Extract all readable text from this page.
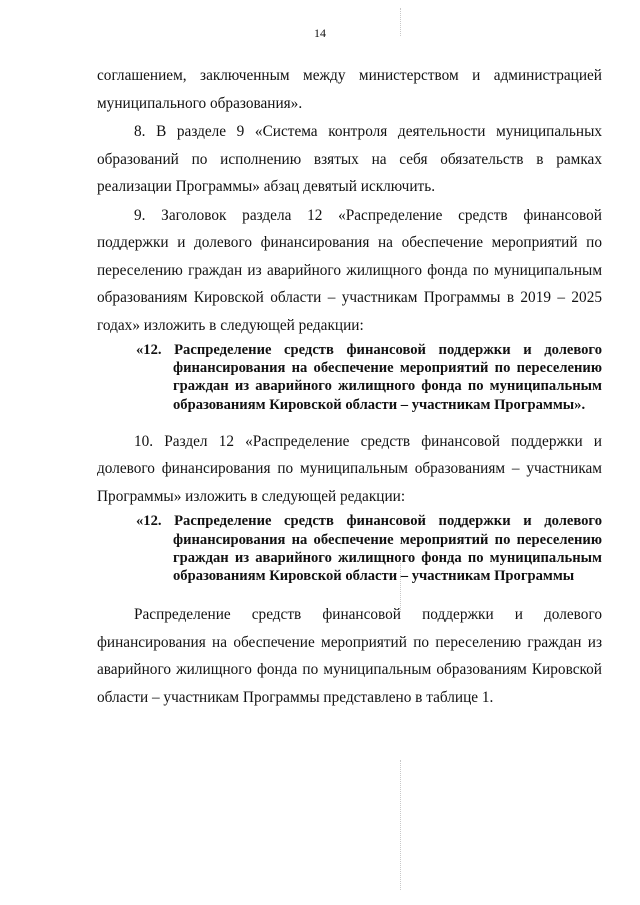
14

соглашением, заключенным между министерством и администрацией муниципального образования».

8. В разделе 9 «Система контроля деятельности муниципальных образований по исполнению взятых на себя обязательств в рамках реализации Программы» абзац девятый исключить.

9. Заголовок раздела 12 «Распределение средств финансовой поддержки и долевого финансирования на обеспечение мероприятий по переселению граждан из аварийного жилищного фонда по муниципальным образованиям Кировской области – участникам Программы в 2019 – 2025 годах» изложить в следующей редакции:

«12. Распределение средств финансовой поддержки и долевого финансирования на обеспечение мероприятий по переселению граждан из аварийного жилищного фонда по муниципальным образованиям Кировской области – участникам Программы».

10. Раздел 12 «Распределение средств финансовой поддержки и долевого финансирования по муниципальным образованиям – участникам Программы» изложить в следующей редакции:

«12. Распределение средств финансовой поддержки и долевого финансирования на обеспечение мероприятий по переселению граждан из аварийного жилищного фонда по муниципальным образованиям Кировской области – участникам Программы

Распределение средств финансовой поддержки и долевого финансирования на обеспечение мероприятий по переселению граждан из аварийного жилищного фонда по муниципальным образованиям Кировской области – участникам Программы представлено в таблице 1.
